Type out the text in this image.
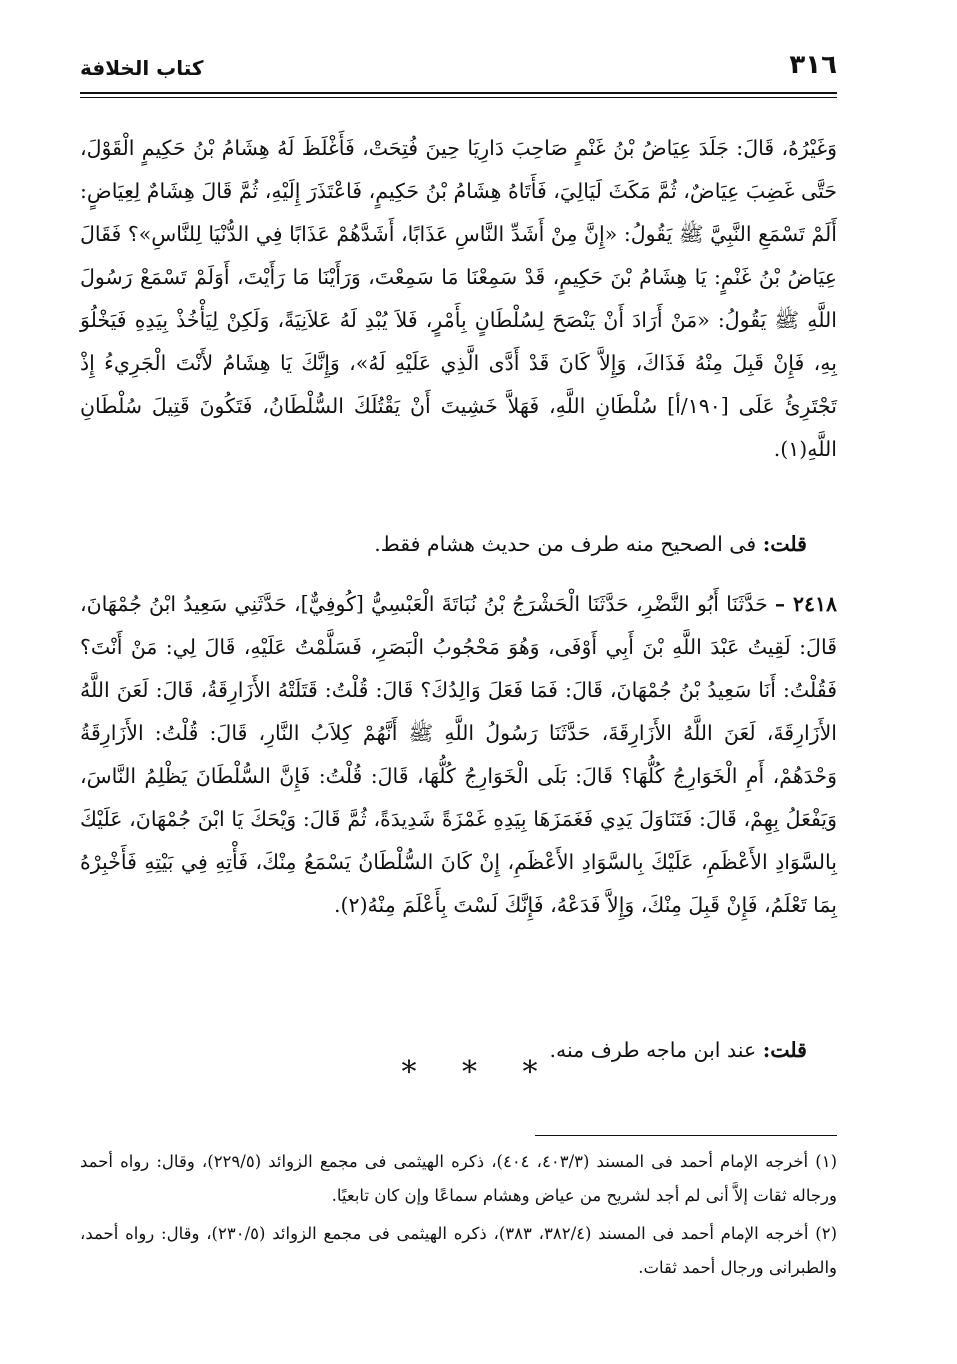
كتاب الخلافة	٣١٦

وَغَيْرُهُ، قَالَ: جَلَدَ عِيَاضُ بْنُ غَنْمٍ صَاحِبَ دَارِيَا حِينَ فُتِحَتْ، فَأَغْلَظَ لَهُ هِشَامُ بْنُ حَكِيمٍ الْقَوْلَ، حَتَّى غَضِبَ عِيَاضٌ، ثُمَّ مَكَثَ لَيَالِيَ، فَأَتَاهُ هِشَامُ بْنُ حَكِيمٍ، فَاعْتَذَرَ إِلَيْهِ، ثُمَّ قَالَ هِشَامٌ لِعِيَاضٍ: أَلَمْ تَسْمَعِ النَّبِيَّ ﷺ يَقُولُ: «إِنَّ مِنْ أَشَدِّ النَّاسِ عَذَابًا، أَشَدَّهُمْ عَذَابًا فِي الدُّنْيَا لِلنَّاسِ»؟ فَقَالَ عِيَاضُ بْنُ غَنْمٍ: يَا هِشَامُ بْنَ حَكِيمٍ، قَدْ سَمِعْنَا مَا سَمِعْتَ، وَرَأَيْنَا مَا رَأَيْتَ، أَوَلَمْ تَسْمَعْ رَسُولَ اللَّهِ ﷺ يَقُولُ: «مَنْ أَرَادَ أَنْ يَنْصَحَ لِسُلْطَانٍ بِأَمْرٍ، فَلاَ يُبْدِ لَهُ عَلاَنِيَةً، وَلَكِنْ لِيَأْخُذْ بِيَدِهِ فَيَخْلُوَ بِهِ، فَإِنْ قَبِلَ مِنْهُ فَذَاكَ، وَإِلاَّ كَانَ قَدْ أَدَّى الَّذِي عَلَيْهِ لَهُ»، وَإِنَّكَ يَا هِشَامُ لأَنْتَ الْجَرِيءُ إِذْ تَجْتَرِئُ عَلَى [١٩٠/أ] سُلْطَانِ اللَّهِ، فَهَلاَّ خَشِيتَ أَنْ يَقْتُلَكَ السُّلْطَانُ، فَتَكُونَ قَتِيلَ سُلْطَانِ اللَّهِ(١).

قلت: فى الصحيح منه طرف من حديث هشام فقط.

٢٤١٨ – حَدَّثَنَا أَبُو النَّضْرِ، حَدَّثَنَا الْحَشْرَجُ بْنُ نُبَاتَةَ الْعَبْسِيُّ [كُوفِيٌّ]، حَدَّثَنِي سَعِيدُ ابْنُ جُمْهَانَ، قَالَ: لَقِيتُ عَبْدَ اللَّهِ بْنَ أَبِي أَوْفَى، وَهُوَ مَحْجُوبُ الْبَصَرِ، فَسَلَّمْتُ عَلَيْهِ، قَالَ لِي: مَنْ أَنْتَ؟ فَقُلْتُ: أَنَا سَعِيدُ بْنُ جُمْهَانَ، قَالَ: فَمَا فَعَلَ وَالِدُكَ؟ قَالَ: قُلْتُ: قَتَلَتْهُ الأَزَارِقَةُ، قَالَ: لَعَنَ اللَّهُ الأَزَارِقَةَ، لَعَنَ اللَّهُ الأَزَارِقَةَ، حَدَّثَنَا رَسُولُ اللَّهِ ﷺ أَنَّهُمْ كِلاَبُ النَّارِ، قَالَ: قُلْتُ: الأَزَارِقَةُ وَحْدَهُمْ، أَمِ الْخَوَارِجُ كُلُّهَا؟ قَالَ: بَلَى الْخَوَارِجُ كُلُّهَا، قَالَ: قُلْتُ: فَإِنَّ السُّلْطَانَ يَظْلِمُ النَّاسَ، وَيَفْعَلُ بِهِمْ، قَالَ: فَتَنَاوَلَ يَدِي فَغَمَزَهَا بِيَدِهِ غَمْزَةً شَدِيدَةً، ثُمَّ قَالَ: وَيْحَكَ يَا ابْنَ جُمْهَانَ، عَلَيْكَ بِالسَّوَادِ الأَعْظَمِ، عَلَيْكَ بِالسَّوَادِ الأَعْظَمِ، إِنْ كَانَ السُّلْطَانُ يَسْمَعُ مِنْكَ، فَأْتِهِ فِي بَيْتِهِ فَأَخْبِرْهُ بِمَا تَعْلَمُ، فَإِنْ قَبِلَ مِنْكَ، وَإِلاَّ فَدَعْهُ، فَإِنَّكَ لَسْتَ بِأَعْلَمَ مِنْهُ(٢).

قلت: عند ابن ماجه طرف منه.

* * *

(١) أخرجه الإمام أحمد فى المسند (٤٠٣/٣، ٤٠٤)، ذكره الهيثمى فى مجمع الزوائد (٢٢٩/٥)، وقال: رواه أحمد ورجاله ثقات إلاَّ أنى لم أجد لشريح من عياض وهشام سماعًا وإن كان تابعيًا.

(٢) أخرجه الإمام أحمد فى المسند (٣٨٢/٤، ٣٨٣)، ذكره الهيثمى فى مجمع الزوائد (٢٣٠/٥)، وقال: رواه أحمد، والطبرانى ورجال أحمد ثقات.
